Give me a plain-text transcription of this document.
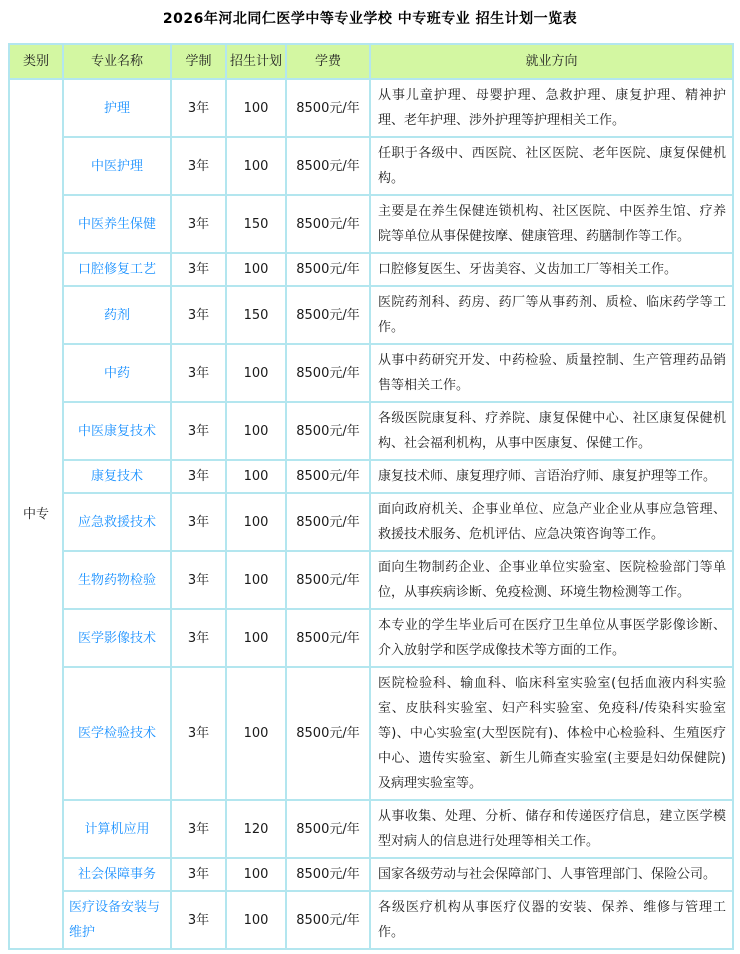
2026年河北同仁医学中等专业学校 中专班专业 招生计划一览表
类别	专业名称	学制	招生计划	学费	就业方向
中专	护理	3年	100	8500元/年	从事儿童护理、母婴护理、急救护理、康复护理、精神护理、老年护理、涉外护理等护理相关工作。
	中医护理	3年	100	8500元/年	任职于各级中、西医院、社区医院、老年医院、康复保健机构。
	中医养生保健	3年	150	8500元/年	主要是在养生保健连锁机构、社区医院、中医养生馆、疗养院等单位从事保健按摩、健康管理、药膳制作等工作。
	口腔修复工艺	3年	100	8500元/年	口腔修复医生、牙齿美容、义齿加工厂等相关工作。
	药剂	3年	150	8500元/年	医院药剂科、药房、药厂等从事药剂、质检、临床药学等工作。
	中药	3年	100	8500元/年	从事中药研究开发、中药检验、质量控制、生产管理药品销售等相关工作。
	中医康复技术	3年	100	8500元/年	各级医院康复科、疗养院、康复保健中心、社区康复保健机构、社会福利机构，从事中医康复、保健工作。
	康复技术	3年	100	8500元/年	康复技术师、康复理疗师、言语治疗师、康复护理等工作。
	应急救援技术	3年	100	8500元/年	面向政府机关、企事业单位、应急产业企业从事应急管理、救援技术服务、危机评估、应急决策咨询等工作。
	生物药物检验	3年	100	8500元/年	面向生物制药企业、企事业单位实验室、医院检验部门等单位，从事疾病诊断、免疫检测、环境生物检测等工作。
	医学影像技术	3年	100	8500元/年	本专业的学生毕业后可在医疗卫生单位从事医学影像诊断、介入放射学和医学成像技术等方面的工作。
	医学检验技术	3年	100	8500元/年	医院检验科、输血科、临床科室实验室(包括血液内科实验室、皮肤科实验室、妇产科实验室、免疫科/传染科实验室等)、中心实验室(大型医院有)、体检中心检验科、生殖医疗中心、遗传实验室、新生儿筛查实验室(主要是妇幼保健院)及病理实验室等。
	计算机应用	3年	120	8500元/年	从事收集、处理、分析、储存和传递医疗信息，建立医学模型对病人的信息进行处理等相关工作。
	社会保障事务	3年	100	8500元/年	国家各级劳动与社会保障部门、人事管理部门、保险公司。
	医疗设备安装与维护	3年	100	8500元/年	各级医疗机构从事医疗仪器的安装、保养、维修与管理工作。
